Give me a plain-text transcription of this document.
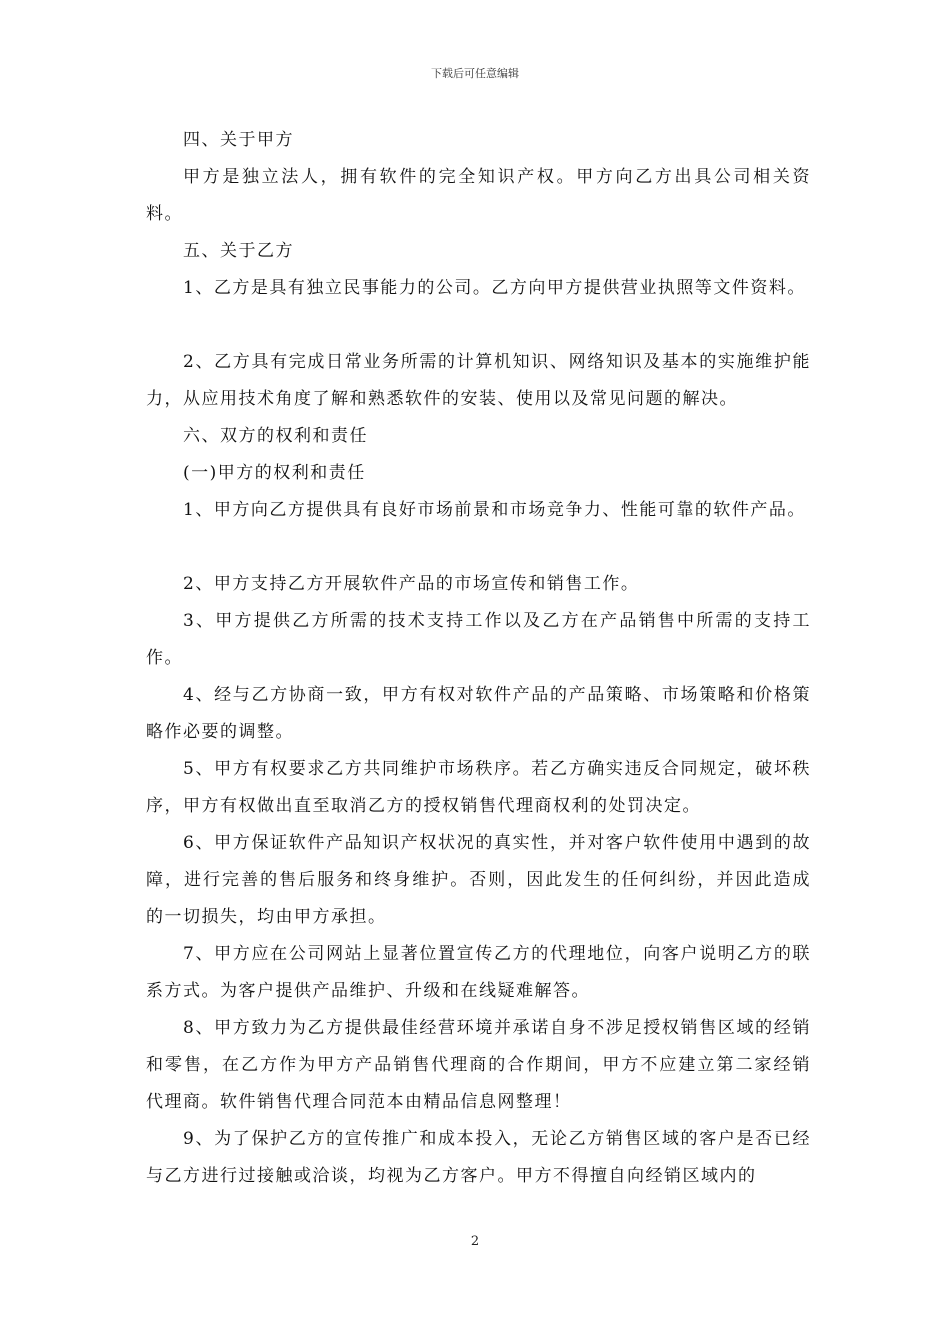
下载后可任意编辑

四、关于甲方

甲方是独立法人，拥有软件的完全知识产权。甲方向乙方出具公司相关资料。

五、关于乙方

1、乙方是具有独立民事能力的公司。乙方向甲方提供营业执照等文件资料。

2、乙方具有完成日常业务所需的计算机知识、网络知识及基本的实施维护能力，从应用技术角度了解和熟悉软件的安装、使用以及常见问题的解决。

六、双方的权利和责任

(一)甲方的权利和责任

1、甲方向乙方提供具有良好市场前景和市场竞争力、性能可靠的软件产品。

2、甲方支持乙方开展软件产品的市场宣传和销售工作。

3、甲方提供乙方所需的技术支持工作以及乙方在产品销售中所需的支持工作。

4、经与乙方协商一致，甲方有权对软件产品的产品策略、市场策略和价格策略作必要的调整。

5、甲方有权要求乙方共同维护市场秩序。若乙方确实违反合同规定，破坏秩序，甲方有权做出直至取消乙方的授权销售代理商权利的处罚决定。

6、甲方保证软件产品知识产权状况的真实性，并对客户软件使用中遇到的故障，进行完善的售后服务和终身维护。否则，因此发生的任何纠纷，并因此造成的一切损失，均由甲方承担。

7、甲方应在公司网站上显著位置宣传乙方的代理地位，向客户说明乙方的联系方式。为客户提供产品维护、升级和在线疑难解答。

8、甲方致力为乙方提供最佳经营环境并承诺自身不涉足授权销售区域的经销和零售，在乙方作为甲方产品销售代理商的合作期间，甲方不应建立第二家经销代理商。软件销售代理合同范本由精品信息网整理！

9、为了保护乙方的宣传推广和成本投入，无论乙方销售区域的客户是否已经与乙方进行过接触或洽谈，均视为乙方客户。甲方不得擅自向经销区域内的

2
